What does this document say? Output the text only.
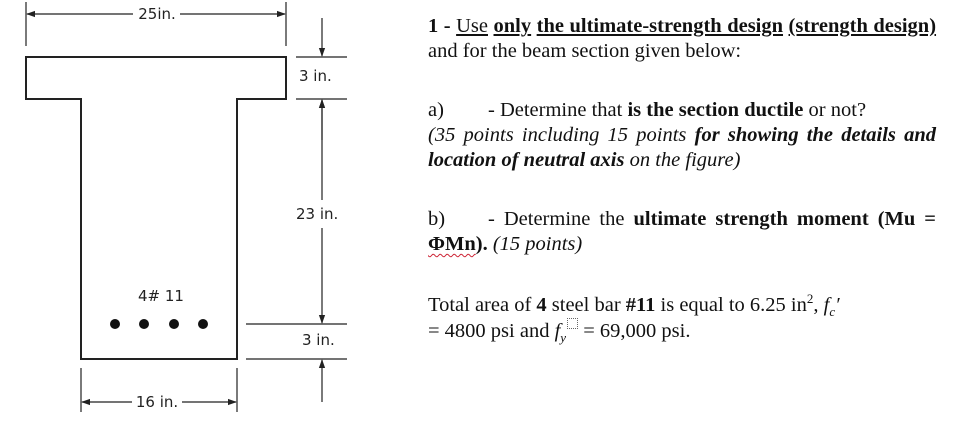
25in.
3 in.
23 in.
3 in.
4# 11
16 in.

1 - Use only the ultimate-strength design (strength design) and for the beam section given below:

a) - Determine that is the section ductile or not?

(35 points including 15 points for showing the details and location of neutral axis on the figure)

b) - Determine the ultimate strength moment (Mu = ΦMn). (15 points)

Total area of 4 steel bar #11 is equal to 6.25 $in^2$, $f_c'$
= 4800 psi and $f_y = 69,000$ psi.
